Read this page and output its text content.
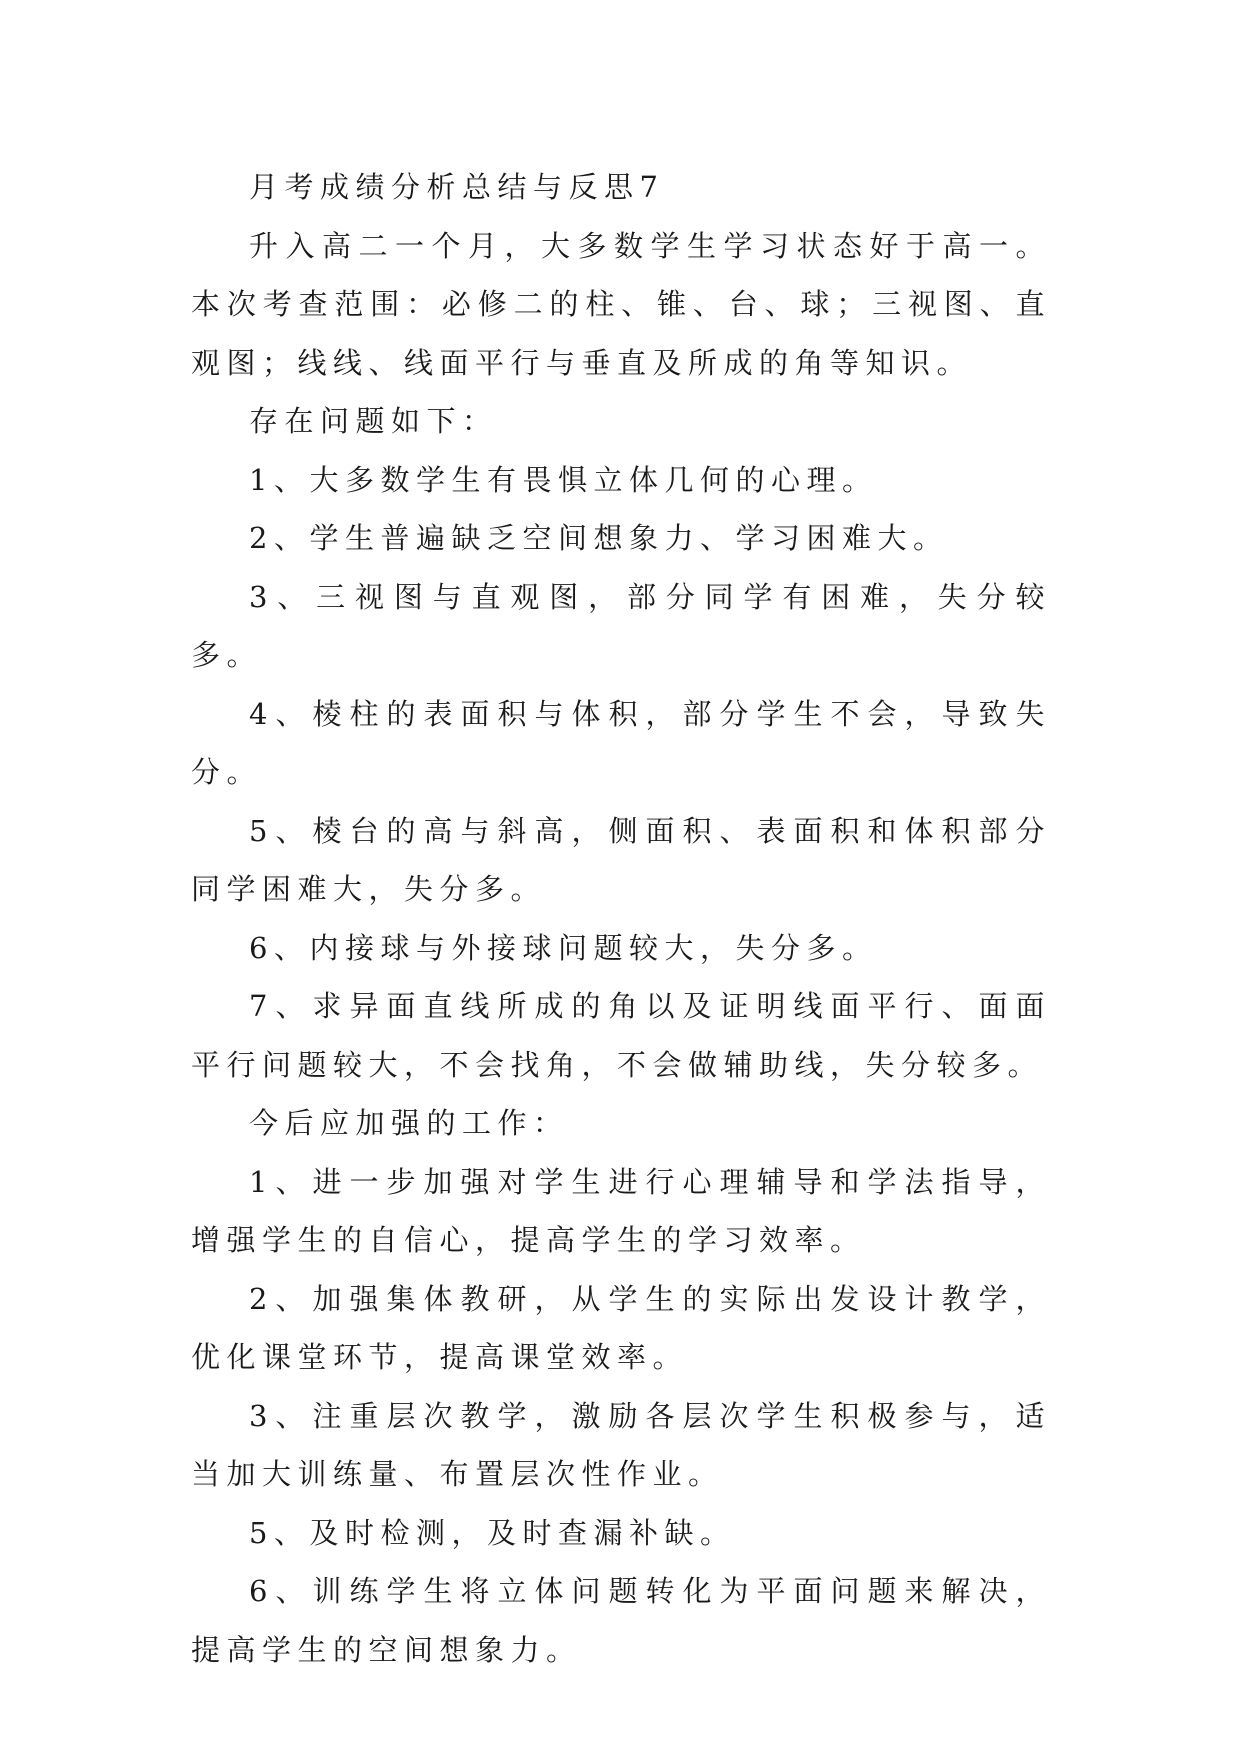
月考成绩分析总结与反思7

升入高二一个月，大多数学生学习状态好于高一。本次考查范围：必修二的柱、锥、台、球；三视图、直观图；线线、线面平行与垂直及所成的角等知识。

存在问题如下：

1、大多数学生有畏惧立体几何的心理。

2、学生普遍缺乏空间想象力、学习困难大。

3、三视图与直观图，部分同学有困难，失分较多。

4、棱柱的表面积与体积，部分学生不会，导致失分。

5、棱台的高与斜高，侧面积、表面积和体积部分同学困难大，失分多。

6、内接球与外接球问题较大，失分多。

7、求异面直线所成的角以及证明线面平行、面面平行问题较大，不会找角，不会做辅助线，失分较多。

今后应加强的工作：

1、进一步加强对学生进行心理辅导和学法指导，增强学生的自信心，提高学生的学习效率。

2、加强集体教研，从学生的实际出发设计教学，优化课堂环节，提高课堂效率。

3、注重层次教学，激励各层次学生积极参与，适当加大训练量、布置层次性作业。

5、及时检测，及时查漏补缺。

6、训练学生将立体问题转化为平面问题来解决，提高学生的空间想象力。
